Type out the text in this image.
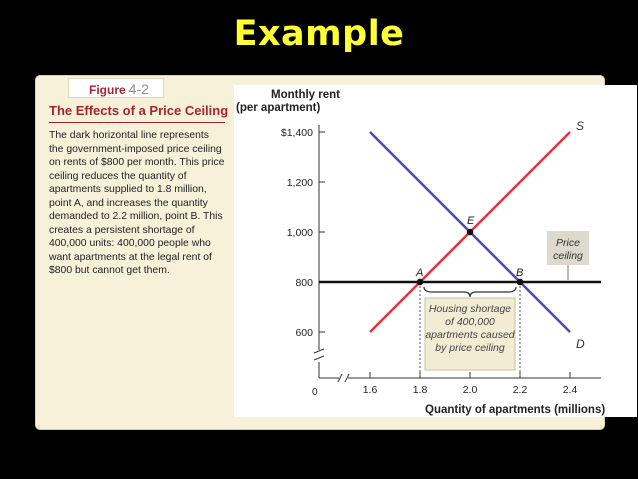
Example
Figure 4-2
The Effects of a Price Ceiling
The dark horizontal line represents the government-imposed price ceiling on rents of $800 per month. This price ceiling reduces the quantity of apartments supplied to 1.8 million, point A, and increases the quantity demanded to 2.2 million, point B. This creates a persistent shortage of 400,000 units: 400,000 people who want apartments at the legal rent of $800 but cannot get them.
Monthly rent
(per apartment)
Quantity of apartments (millions)
0
Housing shortage
of 400,000
apartments caused
by price ceiling
600
800
1,000
1,200
$1,400
1.6	1.8	2.0	2.2	2.4
S
D
Price
ceiling
A	B
E
